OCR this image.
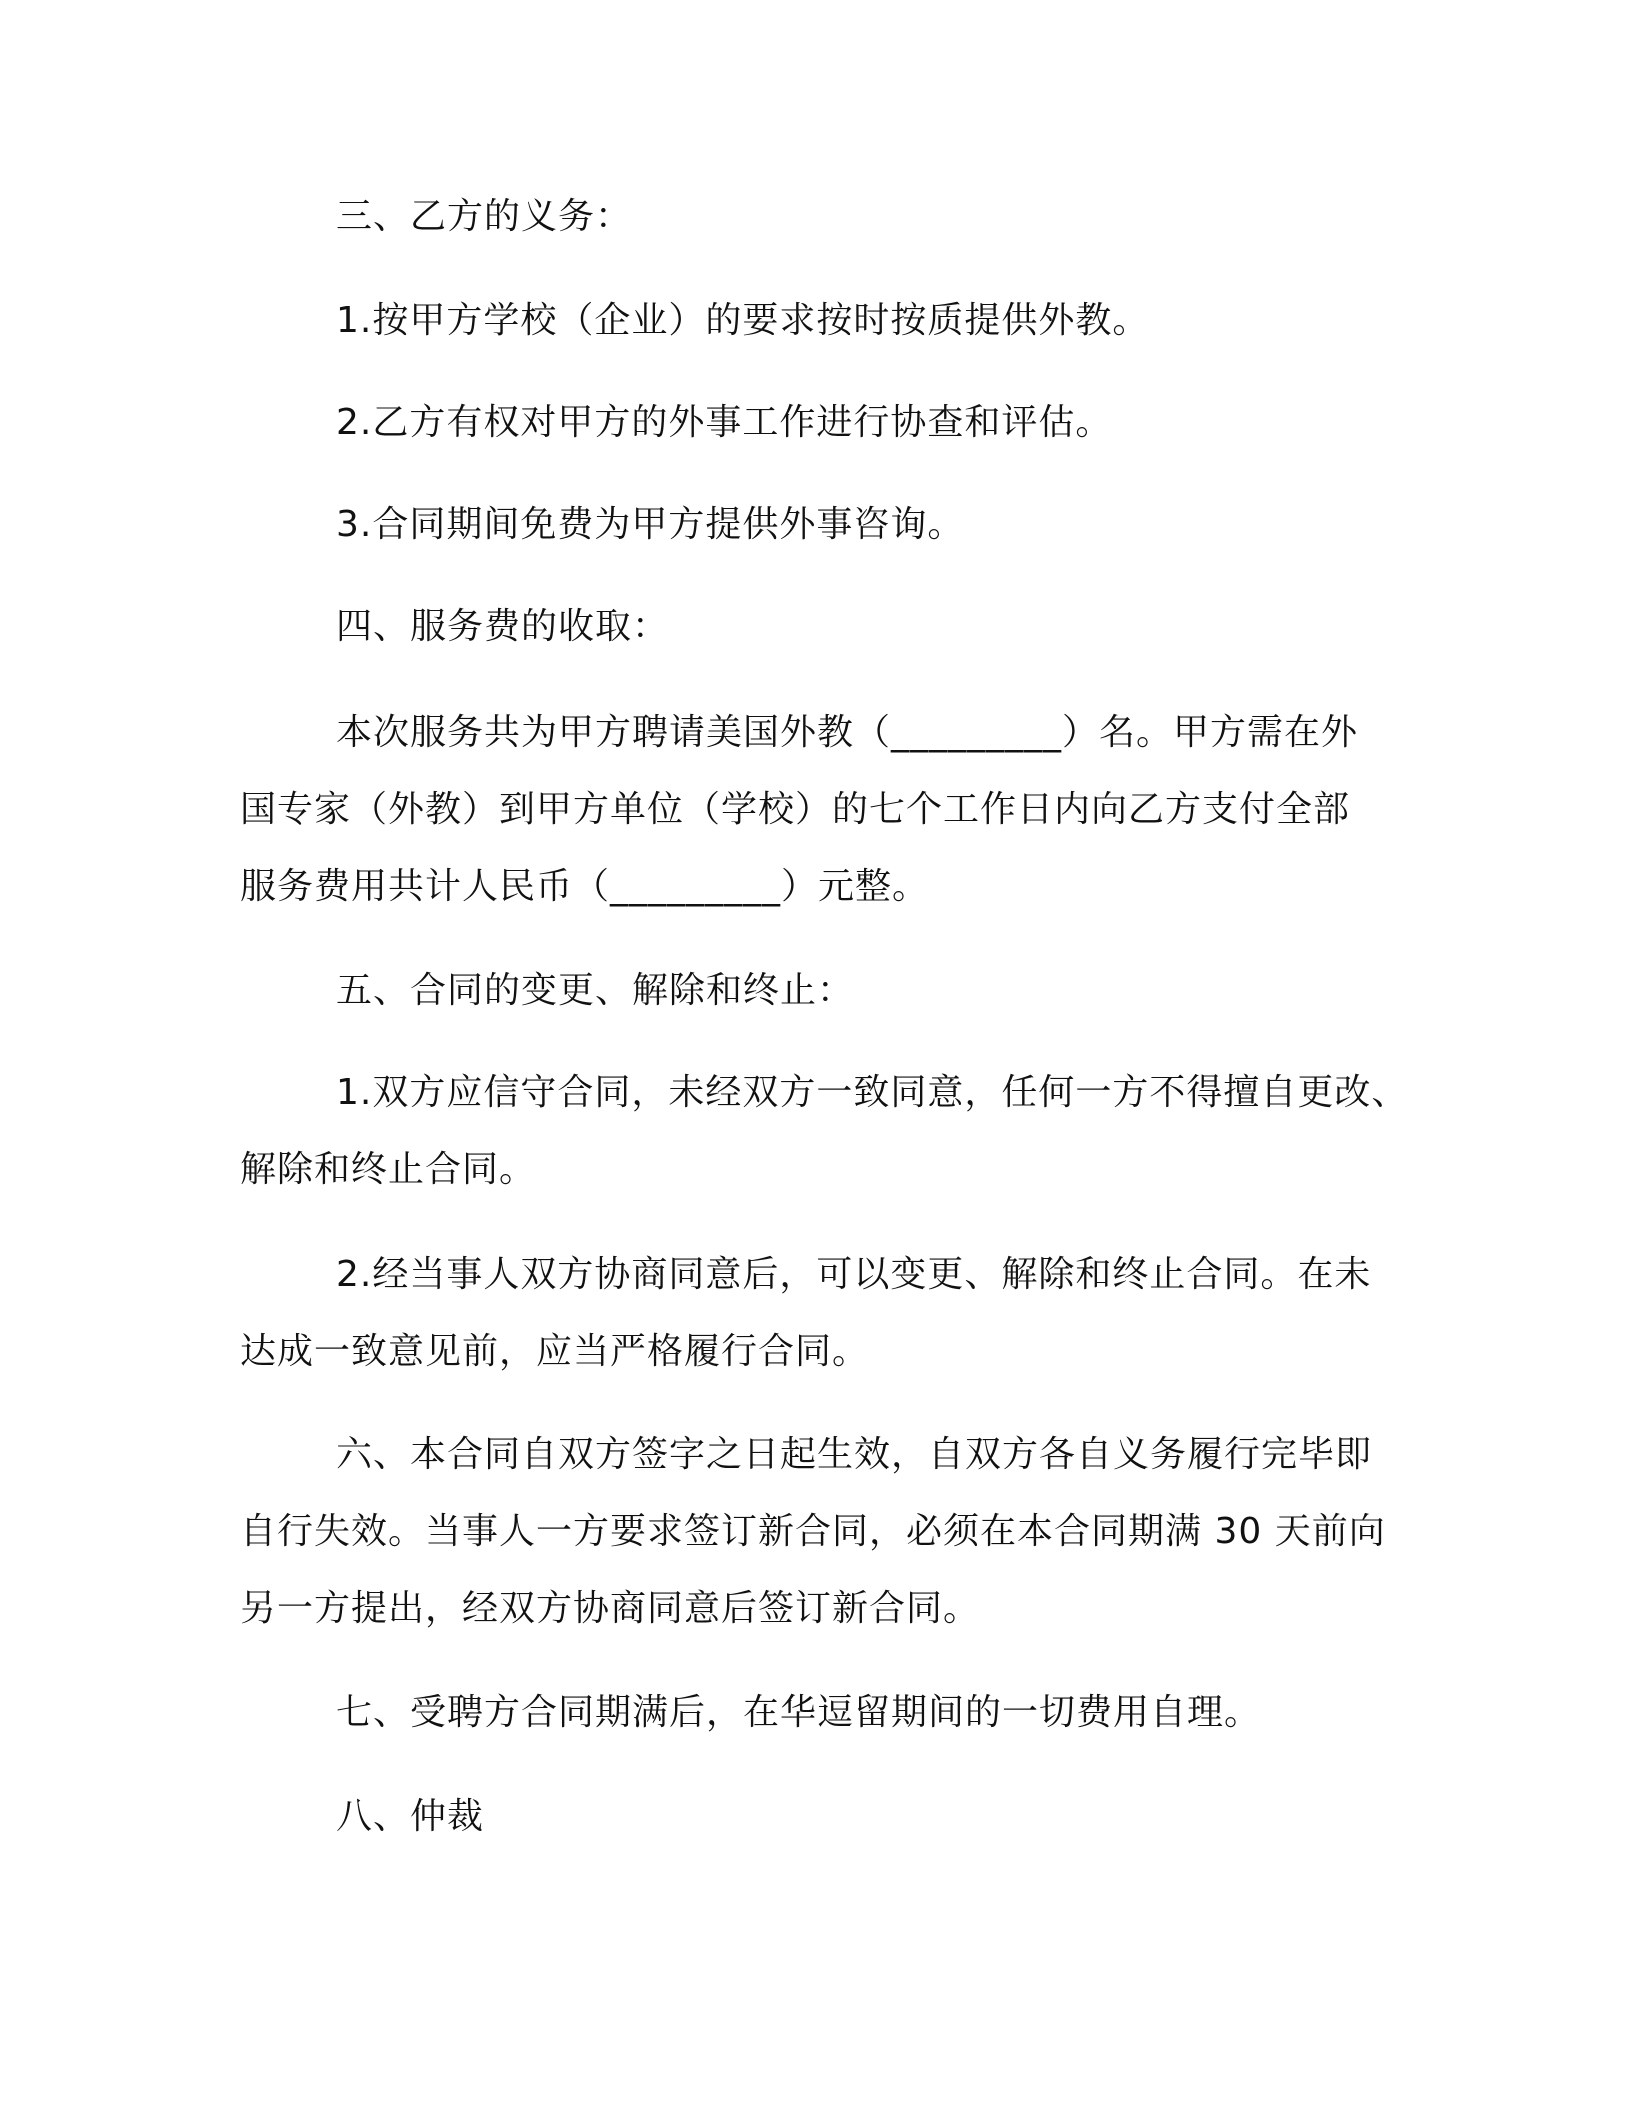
三、乙方的义务：
1.按甲方学校（企业）的要求按时按质提供外教。
2.乙方有权对甲方的外事工作进行协查和评估。
3.合同期间免费为甲方提供外事咨询。
四、服务费的收取：
本次服务共为甲方聘请美国外教（_________）名。甲方需在外
国专家（外教）到甲方单位（学校）的七个工作日内向乙方支付全部
服务费用共计人民币（_________）元整。
五、合同的变更、解除和终止：
1.双方应信守合同，未经双方一致同意，任何一方不得擅自更改、
解除和终止合同。
2.经当事人双方协商同意后，可以变更、解除和终止合同。在未
达成一致意见前，应当严格履行合同。
六、本合同自双方签字之日起生效，自双方各自义务履行完毕即
自行失效。当事人一方要求签订新合同，必须在本合同期满 30 天前向
另一方提出，经双方协商同意后签订新合同。
七、受聘方合同期满后，在华逗留期间的一切费用自理。
八、仲裁
